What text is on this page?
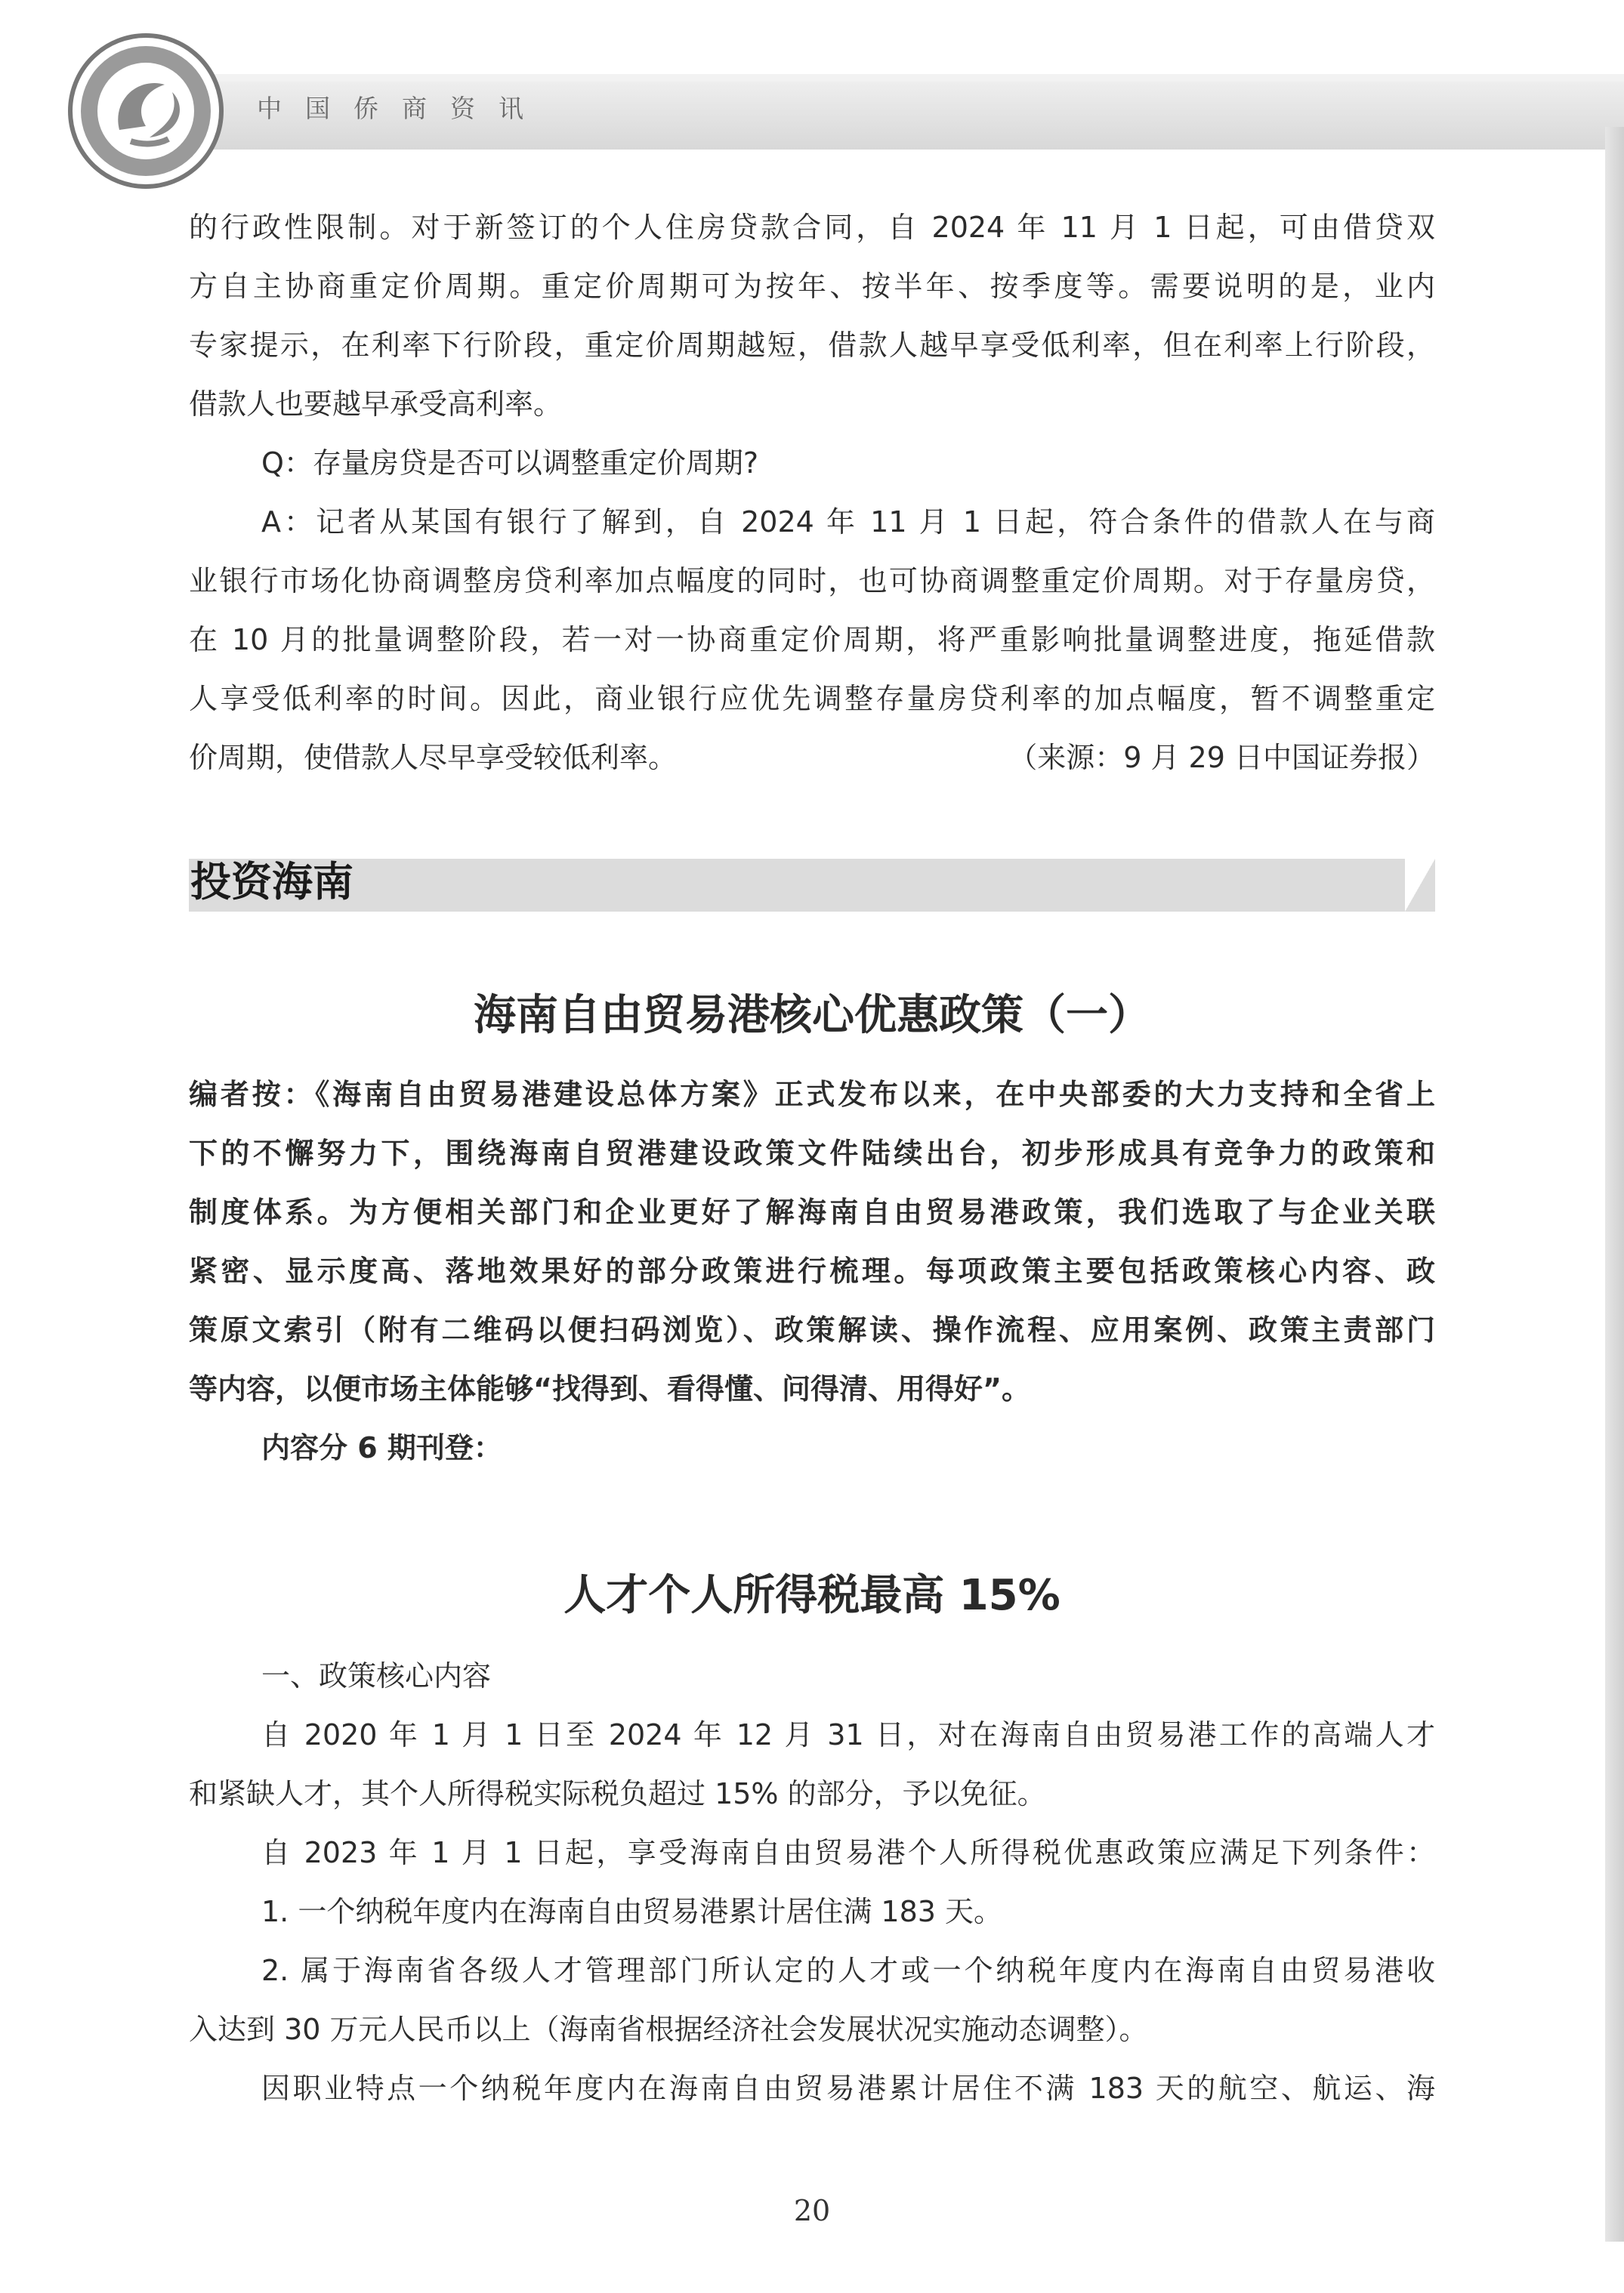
中国侨商资讯
的行政性限制。对于新签订的个人住房贷款合同，自 2024 年 11 月 1 日起，可由借贷双
方自主协商重定价周期。重定价周期可为按年、按半年、按季度等。需要说明的是，业内
专家提示，在利率下行阶段，重定价周期越短，借款人越早享受低利率，但在利率上行阶段，
借款人也要越早承受高利率。
Q：存量房贷是否可以调整重定价周期?
A：记者从某国有银行了解到，自 2024 年 11 月 1 日起，符合条件的借款人在与商
业银行市场化协商调整房贷利率加点幅度的同时，也可协商调整重定价周期。对于存量房贷，
在 10 月的批量调整阶段，若一对一协商重定价周期，将严重影响批量调整进度，拖延借款
人享受低利率的时间。因此，商业银行应优先调整存量房贷利率的加点幅度，暂不调整重定
价周期，使借款人尽早享受较低利率。	（来源：9 月 29 日中国证券报）
投资海南
海南自由贸易港核心优惠政策（一）
编者按：《海南自由贸易港建设总体方案》正式发布以来，在中央部委的大力支持和全省上
下的不懈努力下，围绕海南自贸港建设政策文件陆续出台，初步形成具有竞争力的政策和
制度体系。为方便相关部门和企业更好了解海南自由贸易港政策，我们选取了与企业关联
紧密、显示度高、落地效果好的部分政策进行梳理。每项政策主要包括政策核心内容、政
策原文索引（附有二维码以便扫码浏览）、政策解读、操作流程、应用案例、政策主责部门
等内容，以便市场主体能够“找得到、看得懂、问得清、用得好”。
内容分 6 期刊登：
人才个人所得税最高 15%
一、政策核心内容
自 2020 年 1 月 1 日至 2024 年 12 月 31 日，对在海南自由贸易港工作的高端人才
和紧缺人才，其个人所得税实际税负超过 15% 的部分，予以免征。
自 2023 年 1 月 1 日起，享受海南自由贸易港个人所得税优惠政策应满足下列条件：
1. 一个纳税年度内在海南自由贸易港累计居住满 183 天。
2. 属于海南省各级人才管理部门所认定的人才或一个纳税年度内在海南自由贸易港收
入达到 30 万元人民币以上（海南省根据经济社会发展状况实施动态调整）。
因职业特点一个纳税年度内在海南自由贸易港累计居住不满 183 天的航空、航运、海
20
